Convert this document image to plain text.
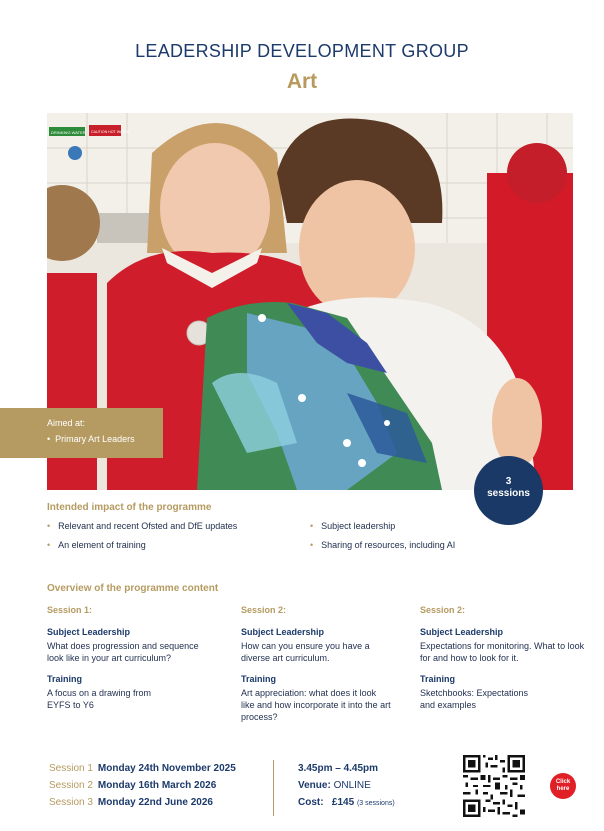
LEADERSHIP DEVELOPMENT GROUP
Art
DRINKING WATER CAUTION HOT WATER
Aimed at:
• Primary Art Leaders
3
sessions
Intended impact of the programme
• Relevant and recent Ofsted and DfE updates
• An element of training
• Subject leadership
• Sharing of resources, including AI
Overview of the programme content
Session 1:
Subject Leadership
What does progression and sequence look like in your art curriculum?
Training
A focus on a drawing from EYFS to Y6
Session 2:
Subject Leadership
How can you ensure you have a diverse art curriculum.
Training
Art appreciation: what does it look like and how incorporate it into the art process?
Session 2:
Subject Leadership
Expectations for monitoring. What to look for and how to look for it.
Training
Sketchbooks: Expectations and examples
Session 1 Monday 24th November 2025
Session 2 Monday 16th March 2026
Session 3 Monday 22nd June 2026
3.45pm – 4.45pm
Venue: ONLINE
Cost: £145 (3 sessions)
Click here
